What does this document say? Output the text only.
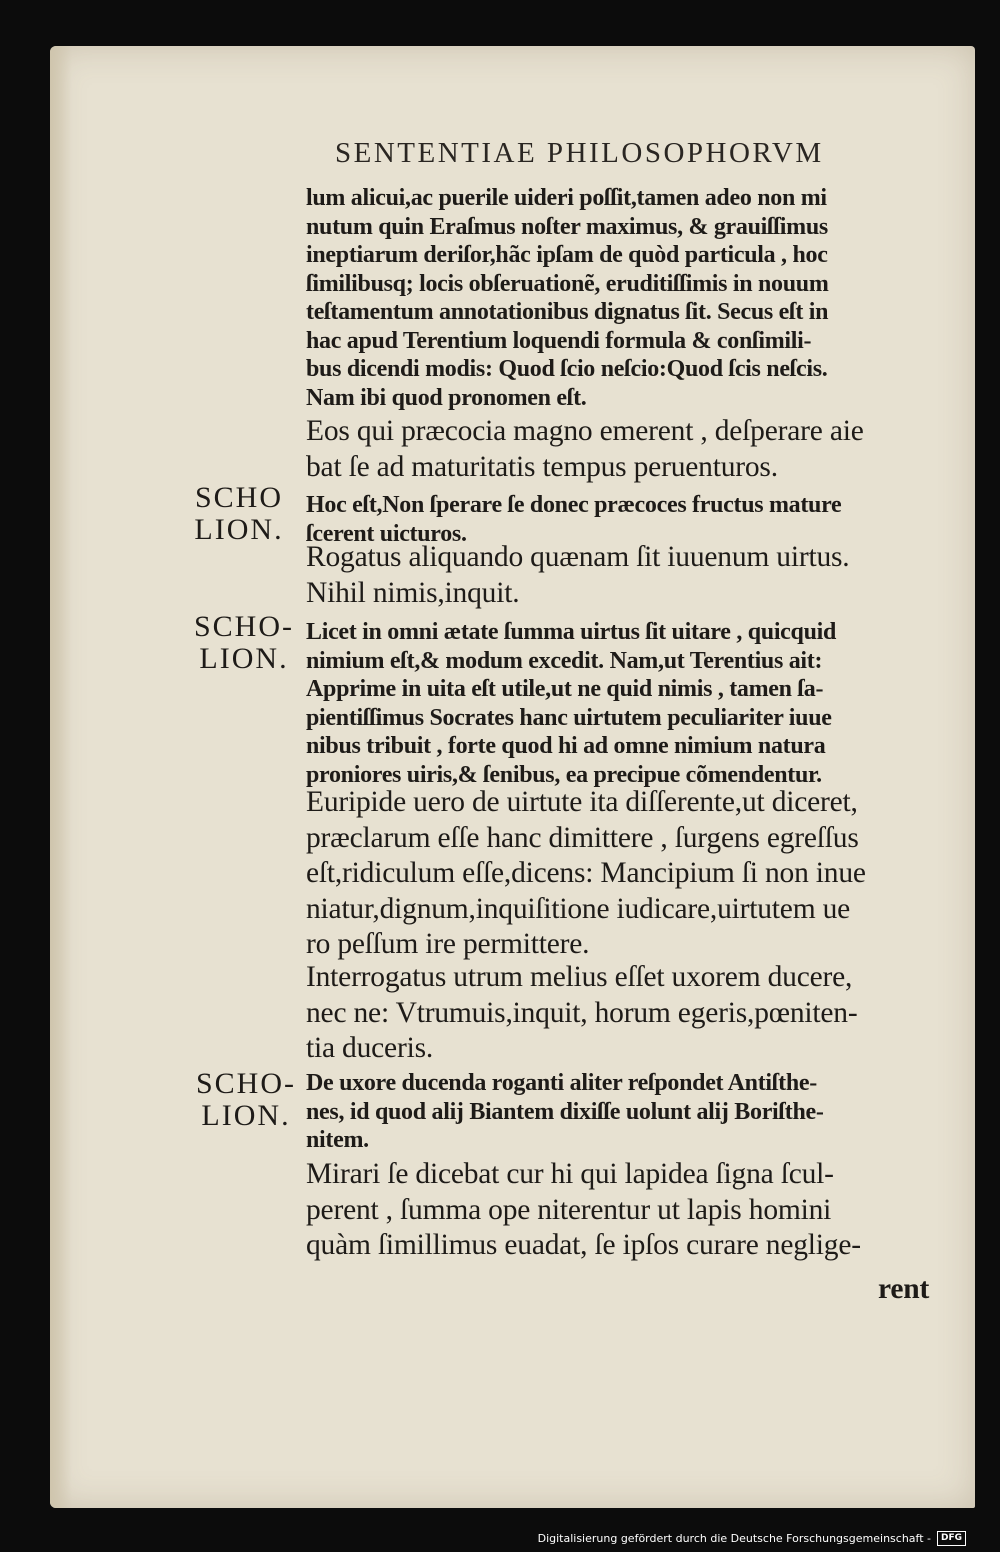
SENTENTIAE PHILOSOPHORVM
lum alicui,ac puerile uideri poſſit,tamen adeo non mi
nutum quin Eraſmus noſter maximus, & grauiſſimus
ineptiarum deriſor,hãc ipſam de quòd particula , hoc
ſimilibusq; locis obſeruationẽ, eruditiſſimis in nouum
teſtamentum annotationibus dignatus ſit. Secus eſt in
hac apud Terentium loquendi formula & conſimili-
bus dicendi modis: Quod ſcio neſcio:Quod ſcis neſcis.
Nam ibi quod pronomen eſt.
Eos qui præcocia magno emerent , deſperare aie
bat ſe ad maturitatis tempus peruenturos.
SCHO
LION.
Hoc eſt,Non ſperare ſe donec præcoces fructus mature
ſcerent uicturos.
Rogatus aliquando quænam ſit iuuenum uirtus.
Nihil nimis,inquit.
SCHO-
LION.
Licet in omni ætate ſumma uirtus ſit uitare , quicquid
nimium eſt,& modum excedit. Nam,ut Terentius ait:
Apprime in uita eſt utile,ut ne quid nimis , tamen ſa-
pientiſſimus Socrates hanc uirtutem peculiariter iuue
nibus tribuit , forte quod hi ad omne nimium natura
proniores uiris,& ſenibus, ea precipue cõmendentur.
Euripide uero de uirtute ita diſſerente,ut diceret,
præclarum eſſe hanc dimittere , ſurgens egreſſus
eſt,ridiculum eſſe,dicens: Mancipium ſi non inue
niatur,dignum,inquiſitione iudicare,uirtutem ue
ro peſſum ire permittere.
Interrogatus utrum melius eſſet uxorem ducere,
nec ne: Vtrumuis,inquit, horum egeris,pœniten-
tia duceris.
SCHO-
LION.
De uxore ducenda roganti aliter reſpondet Antiſthe-
nes, id quod alij Biantem dixiſſe uolunt alij Boriſthe-
nitem.
Mirari ſe dicebat cur hi qui lapidea ſigna ſcul-
perent , ſumma ope niterentur ut lapis homini
quàm ſimillimus euadat, ſe ipſos curare neglige-
rent
Digitalisierung gefördert durch die Deutsche Forschungsgemeinschaft -	DFG
